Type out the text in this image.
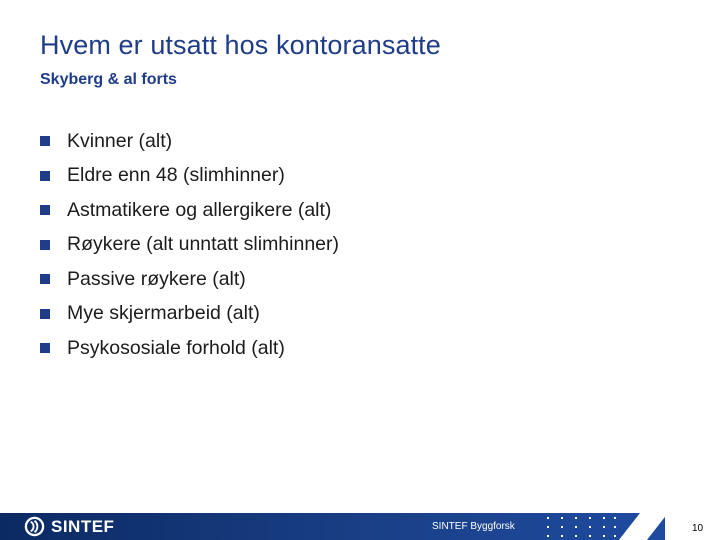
Hvem er utsatt hos kontoransatte
Skyberg & al forts
Kvinner (alt)
Eldre enn 48 (slimhinner)
Astmatikere og allergikere (alt)
Røykere (alt unntatt slimhinner)
Passive røykere (alt)
Mye skjermarbeid (alt)
Psykososiale forhold (alt)
SINTEF	SINTEF Byggforsk	10
